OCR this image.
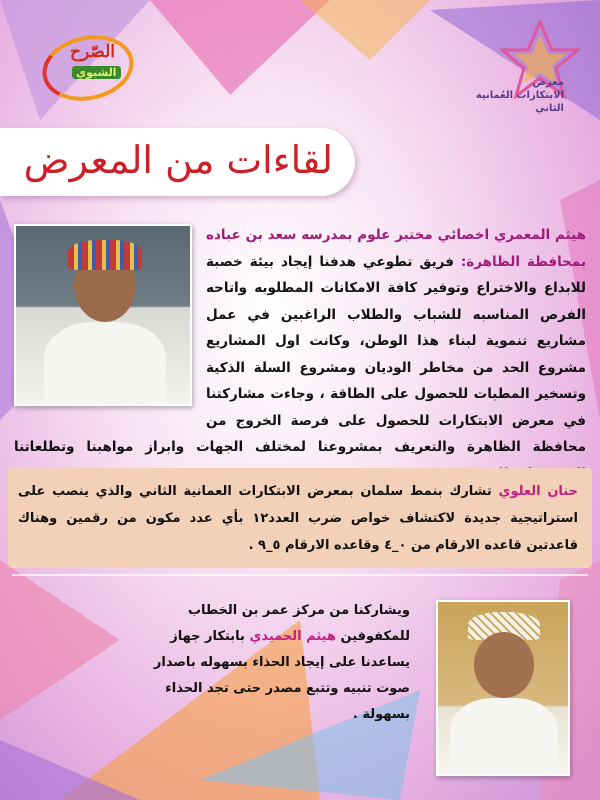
الصّرح
الشبوي
معرض
الابتكارات العُمانية
الثاني
لقاءات من المعرض
هيثم المعمري اخصائي مختبر علوم بمدرسه سعد بن عباده بمحافظة الظاهرة: فريق تطوعي هدفنا إيجاد بيئة خصبة للابداع والاختراع وتوفير كافة الامكانات المطلوبه واتاحه الفرص المناسبه للشباب والطلاب الراغبين في عمل مشاريع تنموية لبناء هذا الوطن، وكانت اول المشاريع مشروع الحد من مخاطر الوديان ومشروع السلة الذكية وتسخير المطبات للحصول على الطاقة ، وجاءت مشاركتنا في معرض الابتكارات للحصول على فرصة الخروج من محافظة الظاهرة والتعريف بمشروعنا لمختلف الجهات وابراز مواهبنا وتطلعاتنا
حنان العلوي تشارك بنمط سلمان بمعرض الابتكارات العمانية الثاني والذي ينصب على استراتيجية جديدة لاكتشاف خواص ضرب العدد١٢ بأي عدد مكون من رقمين وهناك قاعدتين قاعده الارقام من ٠_٤ وقاعده الارقام ٥_٩ .
ويشاركنا من مركز عمر بن الخطاب للمكفوفين هيثم الحميدي بابتكار جهاز يساعدنا على إيجاد الحذاء بسهوله باصدار صوت تنبيه وتتبع مصدر حتى تجد الحذاء بسهولة .
